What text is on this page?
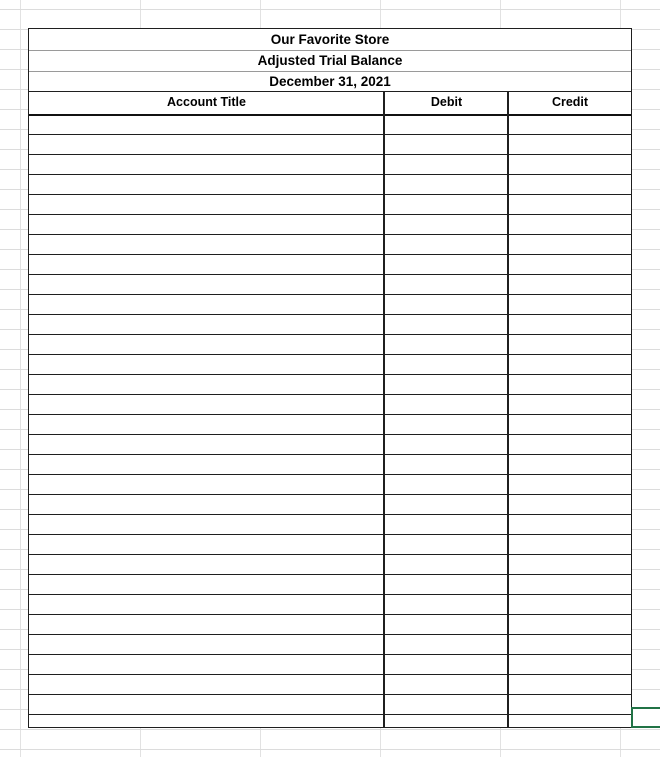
Our Favorite Store
Adjusted Trial Balance
December 31, 2021
Account Title	Debit	Credit
